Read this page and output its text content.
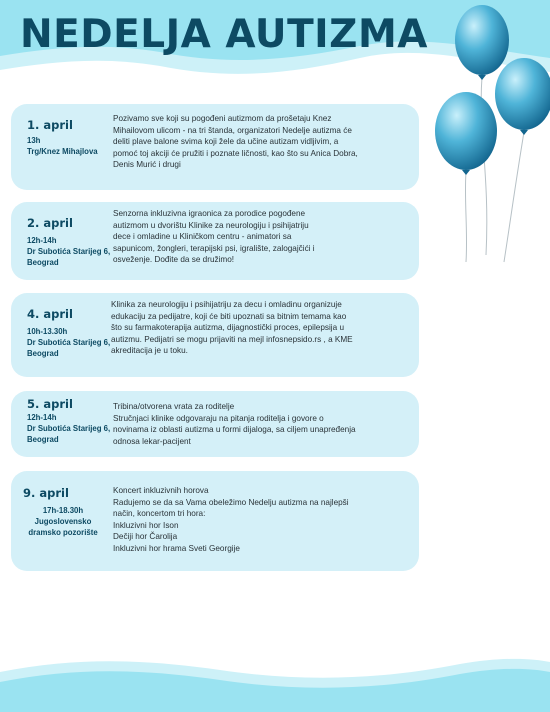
NEDELJA AUTIZMA
1. april
13h
Trg/Knez Mihajlova

Pozivamo sve koji su pogođeni autizmom da prošetaju Knez

Mihailovom ulicom - na tri štanda, organizatori Nedelje autizma će

deliti plave balone svima koji žele da učine autizam vidljivim, a

pomoć toj akciji će pružiti i poznate ličnosti, kao što su Anica Dobra,

Denis Murić i drugi

2. april
12h-14h
Dr Subotića Starijeg 6, Beograd

Senzorna inkluzivna igraonica za porodice pogođene

autizmom u dvorištu Klinike za neurologiju i psihijatriju

dece i omladine u Kliničkom centru - animatori sa

sapunicom, žongleri, terapijski psi, igralište, zalogajčići i

osveženje. Dođite da se družimo!

4. april
10h-13.30h
Dr Subotića Starijeg 6, Beograd

Klinika za neurologiju i psihijatriju za decu i omladinu organizuje

edukaciju za pedijatre, koji će biti upoznati sa bitnim temama kao

što su farmakoterapija autizma, dijagnostički proces, epilepsija u

autizmu. Pedijatri se mogu prijaviti na mejl infosnepsido.rs , a KME

akreditacija je u toku.

5. april
12h-14h
Dr Subotića Starijeg 6, Beograd

Tribina/otvorena vrata za roditelje

Stručnjaci klinike odgovaraju na pitanja roditelja i govore o

novinama iz oblasti autizma u formi dijaloga, sa ciljem unapređenja

odnosa lekar-pacijent

9. april
17h-18.30h
Jugoslovensko dramsko pozorište

Koncert inkluzivnih horova

Radujemo se da sa Vama obeležimo Nedelju autizma na najlepši

način, koncertom tri hora:

Inkluzivni hor Ison

Dečiji hor Čarolija

Inkluzivni hor hrama Sveti Georgije
